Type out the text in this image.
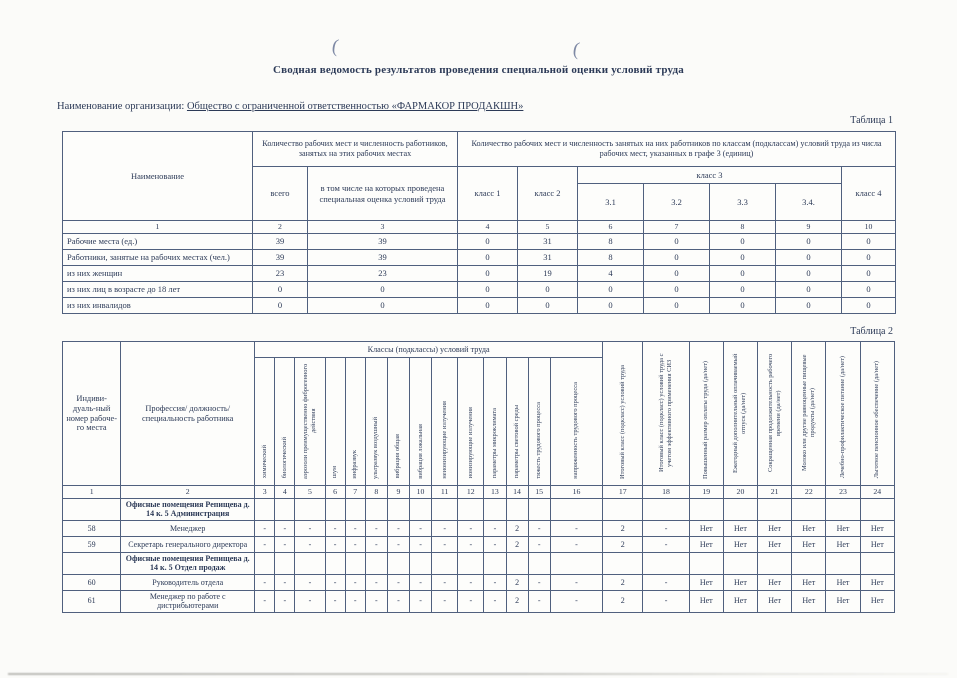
(	(
Сводная ведомость результатов проведения специальной оценки условий труда
Наименование организации: Общество с ограниченной ответственностью «ФАРМАКОР ПРОДАКШН»
Таблица 1
Наименование	Количество рабочих мест и численность работников, занятых на этих рабочих местах		Количество рабочих мест и численность занятых на них работников по классам (подклассам) условий труда из числа рабочих мест, указанных в графе 3 (единиц)						
	всего	в том числе на которых проведена специальная оценка условий труда	класс 1	класс 2	класс 3				класс 4
					3.1	3.2	3.3	3.4.	
1	2	3	4	5	6	7	8	9	10
Рабочие места (ед.)	39	39	0	31	8	0	0	0	0
Работники, занятые на рабочих местах (чел.)	39	39	0	31	8	0	0	0	0
из них женщин	23	23	0	19	4	0	0	0	0
из них лиц в возрасте до 18 лет	0	0	0	0	0	0	0	0	0
из них инвалидов	0	0	0	0	0	0	0	0	0
Таблица 2
Индиви-дуаль-ный номер рабоче-го места	Профессия/ должность/ специальность работника	Классы (подклассы) условий труда														Итоговый класс (подкласс) условий труда	Итоговый класс (подкласс) условий труда с учетом эффективного применения СИЗ	Повышенный размер оплаты труда (да/нет)	Ежегодный дополнительный оплачиваемый отпуск (да/нет)	Сокращенная продолжительность рабочего времени (да/нет)	Молоко или другие равноценные пищевые продукты (да/нет)	Лечебно-профилактическое питание (да/нет)	Льготное пенсионное обеспечение (да/нет)
		химический	биологический	аэрозоли преимущественно фиброгенного действия	шум	инфразвук	ультразвук воздушный	вибрация общая	вибрация локальная	неионизирующие излучения	ионизирующие излучения	параметры микроклимата	параметры световой среды	тяжесть трудового процесса	напряженность трудового процесса								
1	2	3	4	5	6	7	8	9	10	11	12	13	14	15	16	17	18	19	20	21	22	23	24
	Офисные помещения Репищева д. 14 к. 5 Администрация																						
58	Менеджер	-	-	-	-	-	-	-	-	-	-	-	2	-	-	2	-	Нет	Нет	Нет	Нет	Нет	Нет
59	Секретарь генерального директора	-	-	-	-	-	-	-	-	-	-	-	2	-	-	2	-	Нет	Нет	Нет	Нет	Нет	Нет
	Офисные помещения Репищева д. 14 к. 5 Отдел продаж																						
60	Руководитель отдела	-	-	-	-	-	-	-	-	-	-	-	2	-	-	2	-	Нет	Нет	Нет	Нет	Нет	Нет
61	Менеджер по работе с дистрибьютерами	-	-	-	-	-	-	-	-	-	-	-	2	-	-	2	-	Нет	Нет	Нет	Нет	Нет	Нет
